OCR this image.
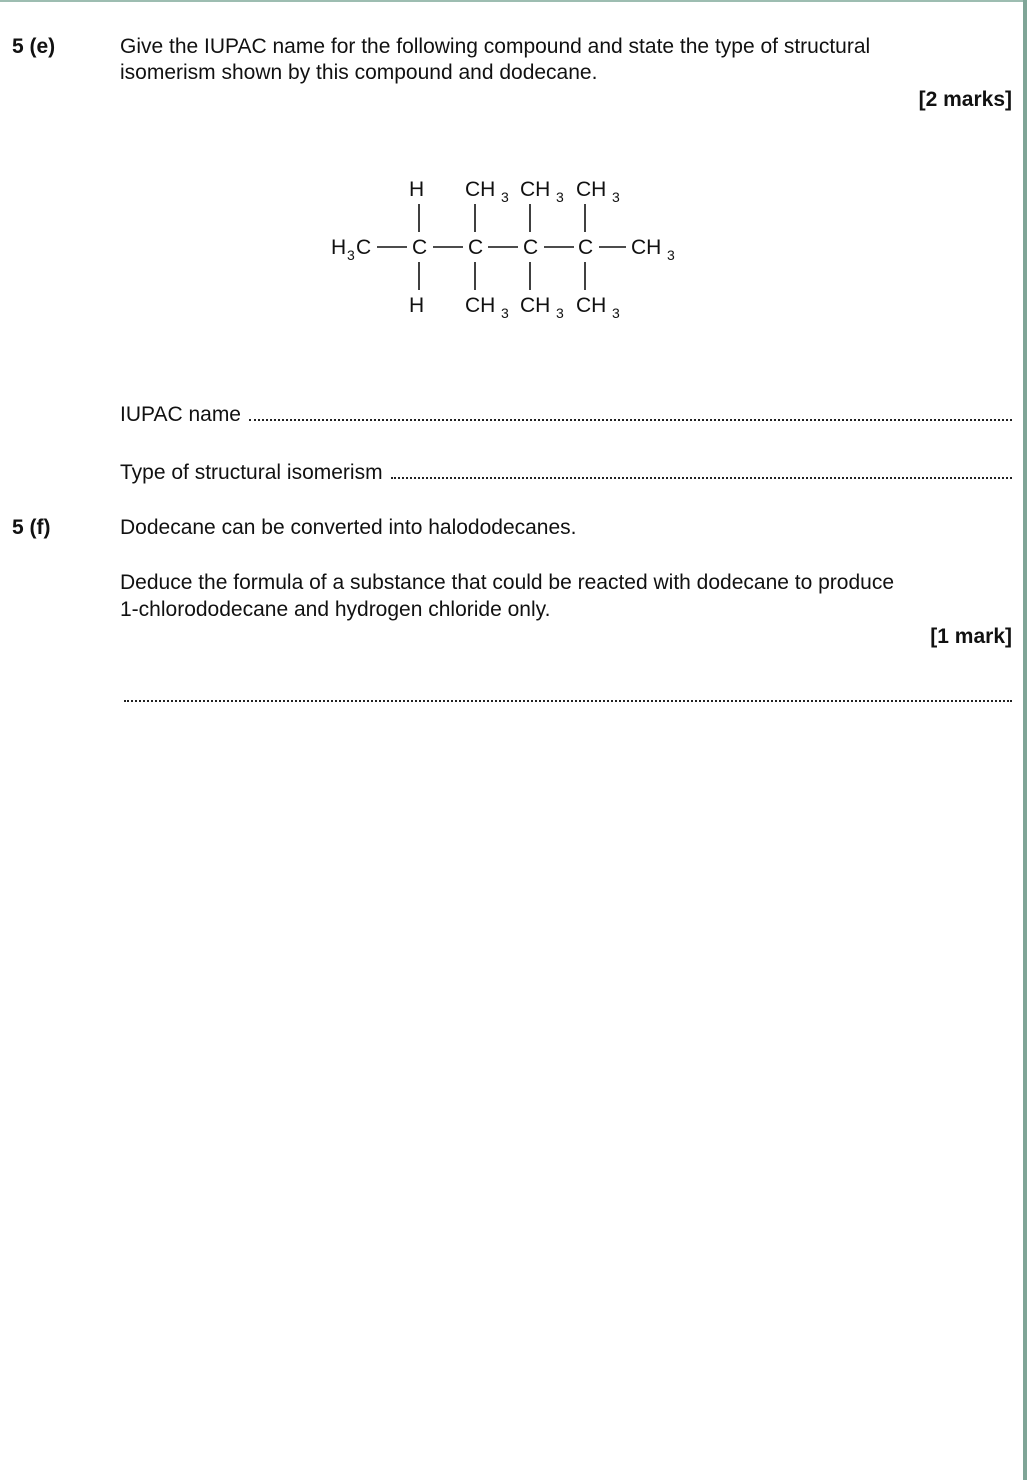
5 (e)	Give the IUPAC name for the following compound and state the type of structural
isomerism shown by this compound and dodecane.
[2 marks]
H CH 3 CH 3 CH 3
H 3 C C C C C CH 3
H CH 3 CH 3 CH 3
IUPAC name
Type of structural isomerism
5 (f)	Dodecane can be converted into halododecanes.
Deduce the formula of a substance that could be reacted with dodecane to produce
1-chlorododecane and hydrogen chloride only.
[1 mark]
